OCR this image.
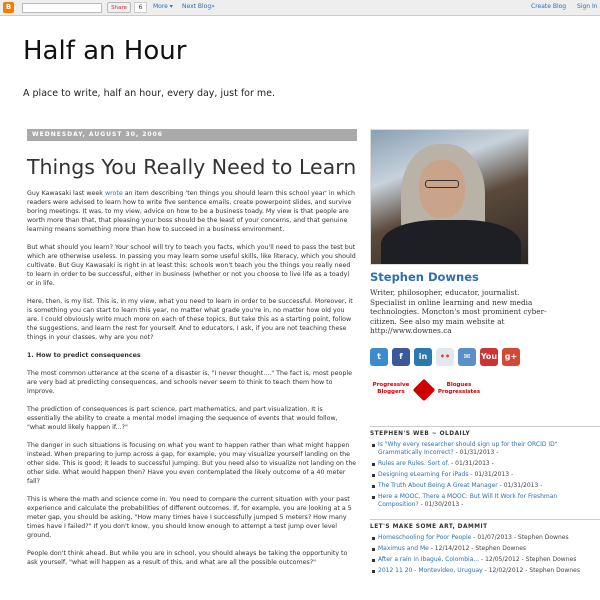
B	Share	6	More ▾ Next Blog»	Create Blog Sign In
Half an Hour
A place to write, half an hour, every day, just for me.
WEDNESDAY, AUGUST 30, 2006
Things You Really Need to Learn

Guy Kawasaki last week wrote an item describing 'ten things you should learn this school year' in which readers were advised to learn how to write five sentence emails, create powerpoint slides, and survive boring meetings. It was, to my view, advice on how to be a business toady. My view is that people are worth more than that, that pleasing your boss should be the least of your concerns, and that genuine learning means something more than how to succeed in a business environment.

But what should you learn? Your school will try to teach you facts, which you'll need to pass the test but which are otherwise useless. In passing you may learn some useful skills, like literacy, which you should cultivate. But Guy Kawasaki is right in at least this: schools won't teach you the things you really need to learn in order to be successful, either in business (whether or not you choose to live life as a toady) or in life.

Here, then, is my list. This is, in my view, what you need to learn in order to be successful. Moreover, it is something you can start to learn this year, no matter what grade you're in, no matter how old you are. I could obviously write much more on each of these topics, But take this as a starting point, follow the suggestions, and learn the rest for yourself. And to educators, I ask, if you are not teaching these things in your classes, why are you not?

1. How to predict consequences

The most common utterance at the scene of a disaster is, "I never thought...." The fact is, most people are very bad at predicting consequences, and schools never seem to think to teach them how to improve.

The prediction of consequences is part science, part mathematics, and part visualization. It is essentially the ability to create a mental model imaging the sequence of events that would follow, "what would likely happen if...?"

The danger in such situations is focusing on what you want to happen rather than what might happen instead. When preparing to jump across a gap, for example, you may visualize yourself landing on the other side. This is good; it leads to successful jumping. But you need also to visualize not landing on the other side. What would happen then? Have you even contemplated the likely outcome of a 40 meter fall?

This is where the math and science come in. You need to compare the current situation with your past experience and calculate the probabilities of different outcomes. If, for example, you are looking at a 5 meter gap, you should be asking, "How many times have I successfully jumped 5 meters? How many times have I failed?" If you don't know, you should know enough to attempt a test jump over level ground.

People don't think ahead. But while you are in school, you should always be taking the opportunity to ask yourself, "what will happen as a result of this, and what are all the possible outcomes?"

Stephen Downes
Writer, philosopher, educator, journalist. Specialist in online learning and new media technologies. Moncton's most prominent cyber-citizen. See also my main website at http://www.downes.ca
t	f	in	••	✉	You g+
Progressive Bloggers
Blogues Progressistes
STEPHEN'S WEB ~ OLDAILY
Is "Why every researcher should sign up for their ORCID ID" Grammatically Incorrect? - 01/31/2013 -
Rules are Rules. Sort of. - 01/31/2013 -
Designing eLearning For iPads - 01/31/2013 -
The Truth About Being A Great Manager - 01/31/2013 -
Here a MOOC, There a MOOC: But Will It Work for Freshman Composition? - 01/30/2013 -
LET'S MAKE SOME ART, DAMMIT
Homeschooling for Poor People - 01/07/2013 - Stephen Downes
Maximus and Me - 12/14/2012 - Stephen Downes
After a rain in Ibagué, Colombia... - 12/05/2012 - Stephen Downes
2012 11 20 - Montevideo, Uruguay - 12/02/2012 - Stephen Downes
